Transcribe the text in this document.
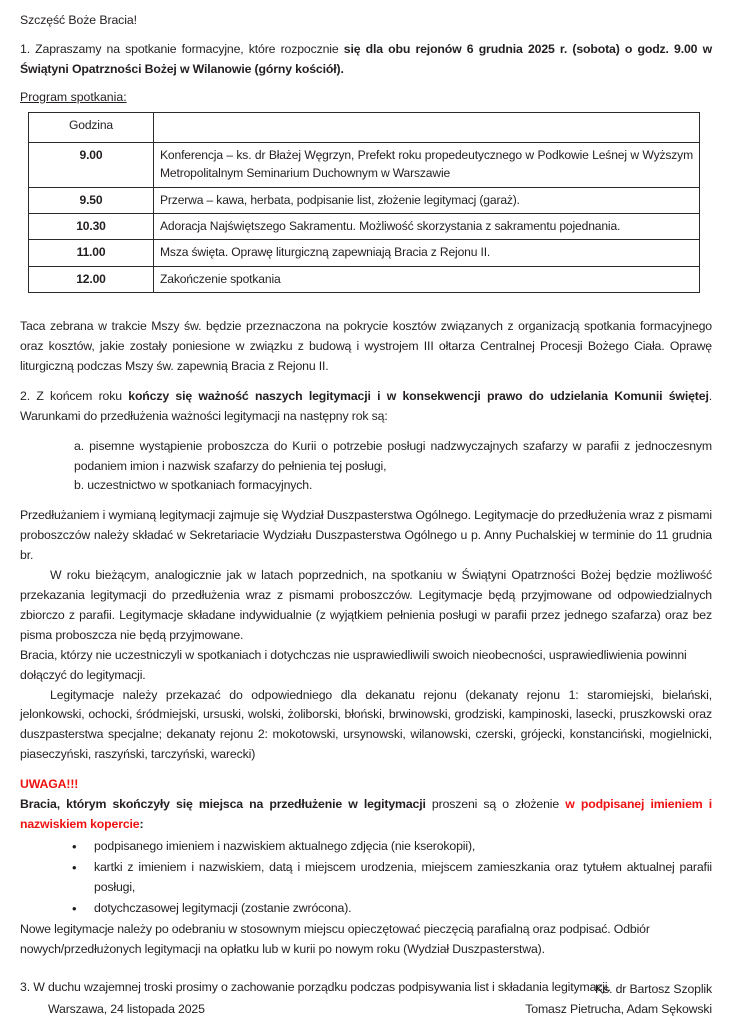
Szczęść Boże Bracia!

1. Zapraszamy na spotkanie formacyjne, które rozpocznie się dla obu rejonów 6 grudnia 2025 r. (sobota) o godz. 9.00 w Świątyni Opatrzności Bożej w Wilanowie (górny kościół).

Program spotkania:

Godzina	
9.00	Konferencja – ks. dr Błażej Węgrzyn, Prefekt roku propedeutycznego w Podkowie Leśnej w Wyższym Metropolitalnym Seminarium Duchownym w Warszawie
9.50	Przerwa – kawa, herbata, podpisanie list, złożenie legitymacj (garaż).
10.30	Adoracja Najświętszego Sakramentu. Możliwość skorzystania z sakramentu pojednania.
11.00	Msza święta. Oprawę liturgiczną zapewniają Bracia z Rejonu II.
12.00	Zakończenie spotkania

Taca zebrana w trakcie Mszy św. będzie przeznaczona na pokrycie kosztów związanych z organizacją spotkania formacyjnego oraz kosztów, jakie zostały poniesione w związku z budową i wystrojem III ołtarza Centralnej Procesji Bożego Ciała. Oprawę liturgiczną podczas Mszy św. zapewnią Bracia z Rejonu II.

2. Z końcem roku kończy się ważność naszych legitymacji i w konsekwencji prawo do udzielania Komunii świętej. Warunkami do przedłużenia ważności legitymacji na następny rok są:

a. pisemne wystąpienie proboszcza do Kurii o potrzebie posługi nadzwyczajnych szafarzy w parafii z jednoczesnym podaniem imion i nazwisk szafarzy do pełnienia tej posługi,

b. uczestnictwo w spotkaniach formacyjnych.

Przedłużaniem i wymianą legitymacji zajmuje się Wydział Duszpasterstwa Ogólnego. Legitymacje do przedłużenia wraz z pismami proboszczów należy składać w Sekretariacie Wydziału Duszpasterstwa Ogólnego u p. Anny Puchalskiej w terminie do 11 grudnia br.

W roku bieżącym, analogicznie jak w latach poprzednich, na spotkaniu w Świątyni Opatrzności Bożej będzie możliwość przekazania legitymacji do przedłużenia wraz z pismami proboszczów. Legitymacje będą przyjmowane od odpowiedzialnych zbiorczo z parafii. Legitymacje składane indywidualnie (z wyjątkiem pełnienia posługi w parafii przez jednego szafarza) oraz bez pisma proboszcza nie będą przyjmowane.

Bracia, którzy nie uczestniczyli w spotkaniach i dotychczas nie usprawiedliwili swoich nieobecności, usprawiedliwienia powinni dołączyć do legitymacji.

Legitymacje należy przekazać do odpowiedniego dla dekanatu rejonu (dekanaty rejonu 1: staromiejski, bielański, jelonkowski, ochocki, śródmiejski, ursuski, wolski, żoliborski, błoński, brwinowski, grodziski, kampinoski, lasecki, pruszkowski oraz duszpasterstwa specjalne; dekanaty rejonu 2: mokotowski, ursynowski, wilanowski, czerski, grójecki, konstanciński, mogielnicki, piaseczyński, raszyński, tarczyński, warecki)

UWAGA!!!

Bracia, którym skończyły się miejsca na przedłużenie w legitymacji proszeni są o złożenie w podpisanej imieniem i nazwiskiem kopercie:

• podpisanego imieniem i nazwiskiem aktualnego zdjęcia (nie kserokopii),
• kartki z imieniem i nazwiskiem, datą i miejscem urodzenia, miejscem zamieszkania oraz tytułem aktualnej parafii posługi,
• dotychczasowej legitymacji (zostanie zwrócona).

Nowe legitymacje należy po odebraniu w stosownym miejscu opieczętować pieczęcią parafialną oraz podpisać. Odbiór nowych/przedłużonych legitymacji na opłatku lub w kurii po nowym roku (Wydział Duszpasterstwa).

3. W duchu wzajemnej troski prosimy o zachowanie porządku podczas podpisywania list i składania legitymacji.

Ks. dr Bartosz Szoplik
Warszawa, 24 listopada 2025	Tomasz Pietrucha, Adam Sękowski
